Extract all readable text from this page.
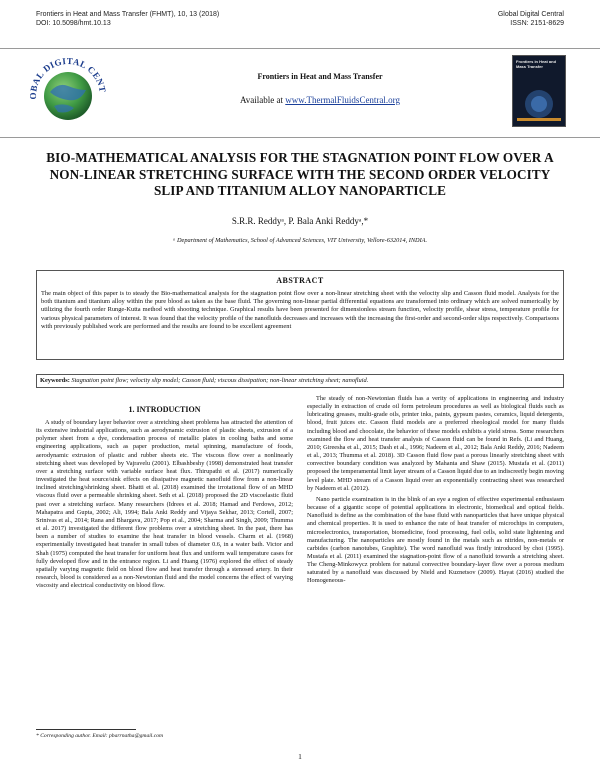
Frontiers in Heat and Mass Transfer (FHMT), 10, 13 (2018)
DOI: 10.5098/hmt.10.13
Global Digital Central
ISSN: 2151-8629
OBAL DIGITAL CENT
Frontiers in Heat and Mass Transfer
Available at www.ThermalFluidsCentral.org
Frontiers in Heat and Mass Transfer
BIO-MATHEMATICAL ANALYSIS FOR THE STAGNATION POINT FLOW OVER A NON-LINEAR STRETCHING SURFACE WITH THE SECOND ORDER VELOCITY SLIP AND TITANIUM ALLOY NANOPARTICLE
S.R.R. Reddyᵃ, P. Bala Anki Reddyᵃ,*
ᵃ Department of Mathematics, School of Advanced Sciences, VIT University, Vellore-632014, INDIA.
ABSTRACT
The main object of this paper is to steady the Bio-mathematical analysis for the stagnation point flow over a non-linear stretching sheet with the velocity slip and Casson fluid model. Analysis for the both titanium and titanium alloy within the pure blood as taken as the base fluid. The governing non-linear partial differential equations are transformed into ordinary which are solved numerically by utilizing the fourth order Runge-Kutta method with shooting technique. Graphical results have been presented for dimensionless stream function, velocity profile, shear stress, temperature profile for various physical parameters of interest. It was found that the velocity profile of the nanofluids decreases and increases with the increasing the first-order and second-order slips respectively. Comparisons with previously published work are performed and the results are found to be excellent agreement
Keywords: Stagnation point flow; velocity slip model; Casson fluid; viscous dissipation; non-linear stretching sheet; nanofluid.
1. INTRODUCTION

A study of boundary layer behavior over a stretching sheet problems has attracted the attention of its extensive industrial applications, such as aerodynamic extrusion of plastic sheets, extrusion of a polymer sheet from a dye, condensation process of metallic plates in cooling baths and some engineering applications, such as paper production, metal spinning, manufacture of foods, aerodynamic extrusion of plastic and rubber sheets etc. The viscous flow over a nonlinearly stretching sheet was developed by Vajravelu (2001). Elbashbeshy (1998) demonstrated heat transfer over a stretching surface with variable surface heat flux. Thirupathi et al. (2017) numerically investigated the heat source/sink effects on dissipative magnetic nanofluid flow from a non-linear inclined stretching/shrinking sheet. Bhatti et al. (2018) examined the irrotational flow of an MHD viscous fluid over a permeable shrinking sheet. Seth et al. (2018) proposed the 2D viscoelastic fluid past over a stretching surface. Many researchers (Idrees et al. 2018; Hamad and Ferdows, 2012; Mahapatra and Gupta, 2002; Ali, 1994; Bala Anki Reddy and Vijaya Sekhar, 2013; Cortell, 2007; Srinivas et al., 2014; Rana and Bhargava, 2017; Pop et al., 2004; Sharma and Singh, 2009; Thumma et al. 2017) investigated the different flow problems over a stretching sheet. In the past, there has been a number of studies to examine the heat transfer in blood vessels. Charm et al. (1968) experimentally investigated heat transfer in small tubes of diameter 0.6, in a water bath. Victor and Shah (1975) computed the heat transfer for uniform heat flux and uniform wall temperature cases for fully developed flow and in the entrance region. Li and Huang (1976) explored the effect of steady spatially varying magnetic field on blood flow and heat transfer through a stenosed artery. In their research, blood is considered as a non-Newtonian fluid and the model concerns the effect of varying viscosity and electrical conductivity on blood flow.

The steady of non-Newtonian fluids has a verity of applications in engineering and industry especially in extraction of crude oil form petroleum procedures as well as biological fluids such as lubricating greases, multi-grade oils, printer inks, paints, gypsum pastes, ceramics, liquid detergents, blood, fruit juices etc. Casson fluid models are a preferred rheological model for many fluids including blood and chocolate, the behavior of these models exhibits a yield stress. Some researchers examined the flow and heat transfer analysis of Casson fluid can be found in Refs. (Li and Huang, 2010; Gireesha et al., 2015; Dash et al., 1996; Nadeem et al., 2012; Bala Anki Reddy, 2016; Nadeem et al., 2013; Thumma et al. 2018). 3D Casson fluid flow past a porous linearly stretching sheet with convective boundary condition was analyzed by Mahanta and Shaw (2015). Mustafa et al. (2011) proposed the temperamental limit layer stream of a Casson liquid due to an indiscreetly begin moving level plate. MHD stream of a Casson liquid over an exponentially contracting sheet was researched by Nadeem et al. (2012).

Nano particle examination is in the blink of an eye a region of effective experimental enthusiasm because of a gigantic scope of potential applications in electronic, biomedical and optical fields. Nanofluid is define as the combination of the base fluid with nanoparticles that have unique physical and chemical properties. It is used to enhance the rate of heat transfer of microchips in computers, microelectronics, transportation, biomedicine, food processing, fuel cells, solid state lightening and manufacturing. The nanoparticles are mostly found in the metals such as nitrides, non-metals or carbides (carbon nanotubes, Graphite). The word nanofluid was firstly introduced by choi (1995). Mustafa et al. (2011) examined the stagnation-point flow of a nanofluid towards a stretching sheet. The Cheng-Minkowycz problem for natural convective boundary-layer flow over a porous medium saturated by a nanofluid was discussed by Nield and Kuznetsov (2009). Hayat (2016) studied the Homogeneous-

* Corresponding author. Email: pbarrnatha@gmail.com
1
